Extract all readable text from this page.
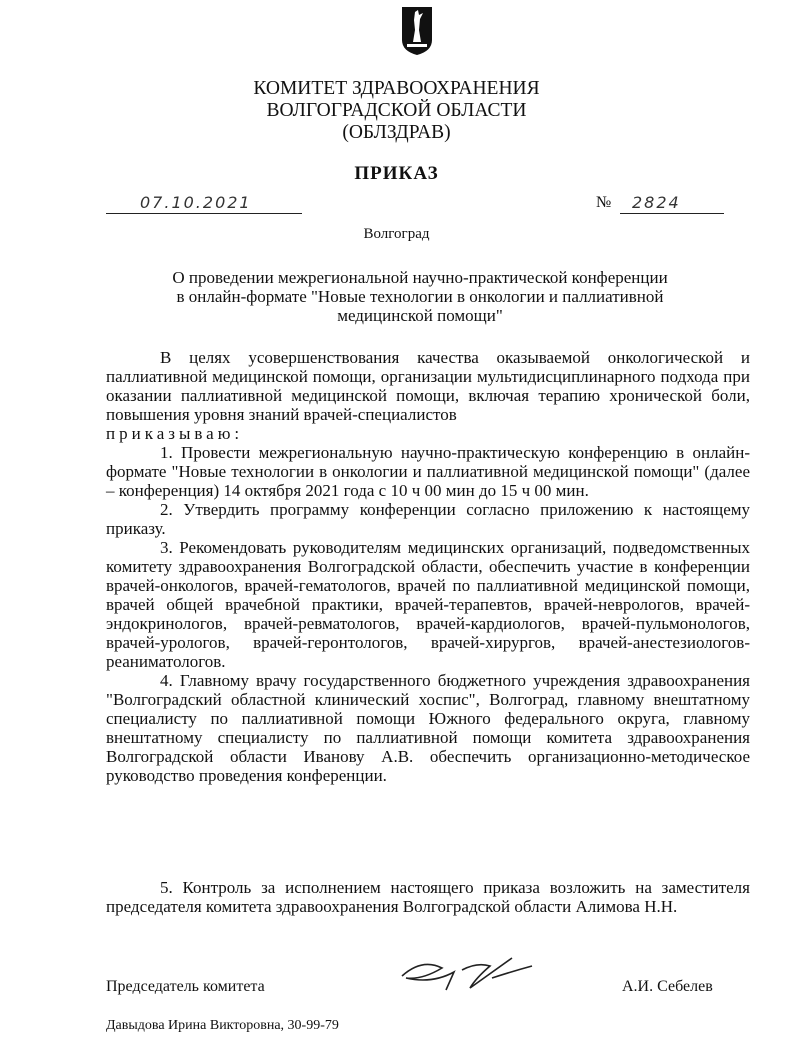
КОМИТЕТ ЗДРАВООХРАНЕНИЯ
ВОЛГОГРАДСКОЙ ОБЛАСТИ
(ОБЛЗДРАВ)
ПРИКАЗ
07.10.2021	№ 2824
Волгоград
О проведении межрегиональной научно-практической конференции
в онлайн-формате "Новые технологии в онкологии и паллиативной
медицинской помощи"

В целях усовершенствования качества оказываемой онкологической и паллиативной медицинской помощи, организации мультидисциплинарного подхода при оказании паллиативной медицинской помощи, включая терапию хронической боли, повышения уровня знаний врачей-специалистов

приказываю:

1. Провести межрегиональную научно-практическую конференцию в онлайн-формате "Новые технологии в онкологии и паллиативной медицинской помощи" (далее – конференция) 14 октября 2021 года с 10 ч 00 мин до 15 ч 00 мин.

2. Утвердить программу конференции согласно приложению к настоящему приказу.

3. Рекомендовать руководителям медицинских организаций, подведомственных комитету здравоохранения Волгоградской области, обеспечить участие в конференции врачей-онкологов, врачей-гематологов, врачей по паллиативной медицинской помощи, врачей общей врачебной практики, врачей-терапевтов, врачей-неврологов, врачей-эндокринологов, врачей-ревматологов, врачей-кардиологов, врачей-пульмонологов, врачей-урологов, врачей-геронтологов, врачей-хирургов, врачей-анестезиологов-реаниматологов.

4. Главному врачу государственного бюджетного учреждения здравоохранения "Волгоградский областной клинический хоспис", Волгоград, главному внештатному специалисту по паллиативной помощи Южного федерального округа, главному внештатному специалисту по паллиативной помощи комитета здравоохранения Волгоградской области Иванову А.В. обеспечить организационно-методическое руководство проведения конференции.

5. Контроль за исполнением настоящего приказа возложить на заместителя председателя комитета здравоохранения Волгоградской области Алимова Н.Н.

Председатель комитета	А.И. Себелев
Давыдова Ирина Викторовна, 30-99-79
